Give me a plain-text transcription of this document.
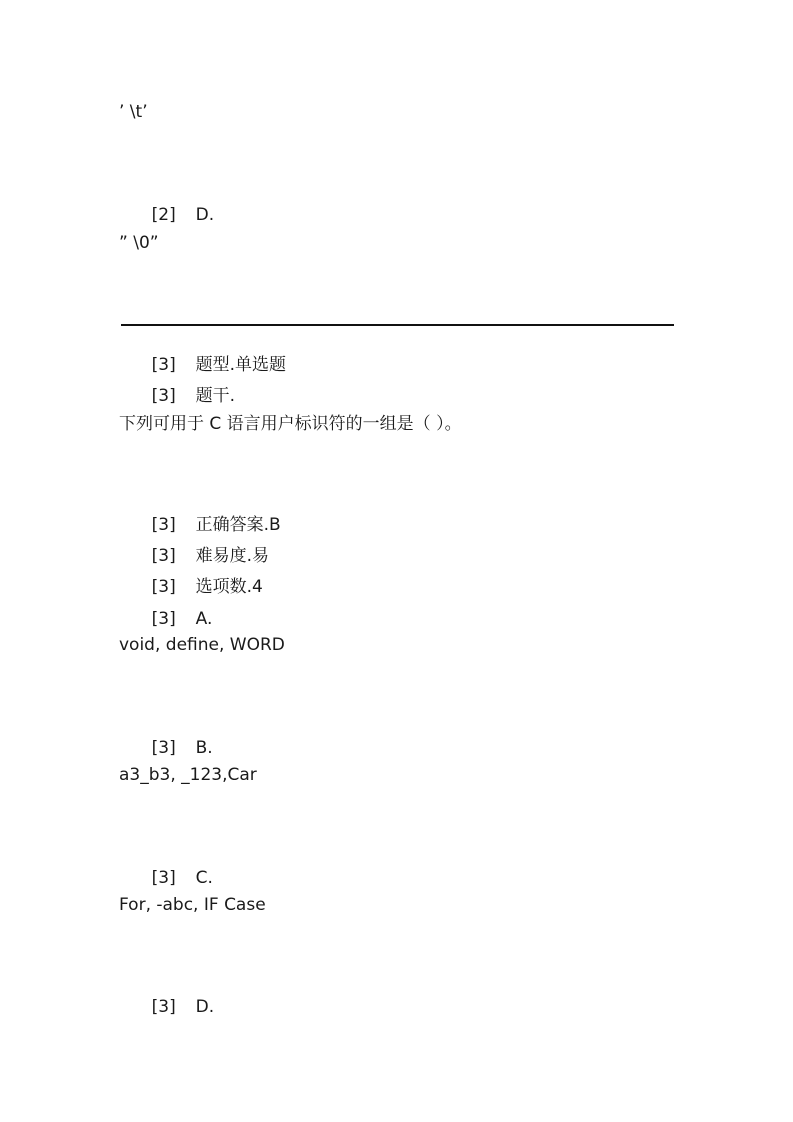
’ \t’

[2] D.

” \0”

[3] 题型.单选题

[3] 题干.

下列可用于 C 语言用户标识符的一组是（ ）。

[3] 正确答案.B

[3] 难易度.易

[3] 选项数.4

[3] A.

void, define, WORD

[3] B.

a3_b3, _123,Car

[3] C.

For, -abc, IF Case

[3] D.
